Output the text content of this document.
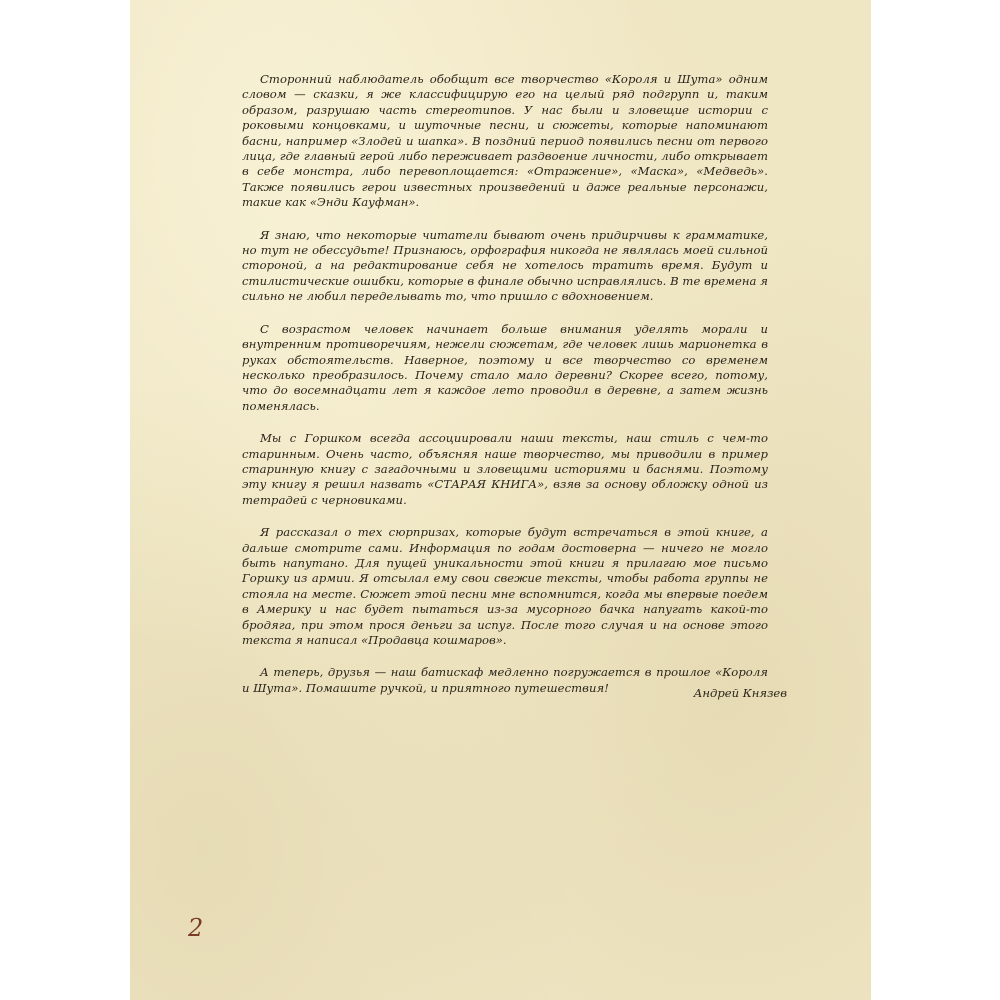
Сторонний наблюдатель обобщит все творчество «Короля и Шута» одним словом — сказки, я же классифицирую его на целый ряд подгрупп и, таким образом, разрушаю часть стереотипов. У нас были и зловещие истории с роковыми концовками, и шуточные песни, и сюжеты, которые напоминают басни, например «Злодей и шапка». В поздний период появились песни от первого лица, где главный герой либо переживает раздвоение личности, либо открывает в себе монстра, либо перевоплощается: «Отражение», «Маска», «Медведь». Также появились герои известных произведений и даже реальные персонажи, такие как «Энди Кауфман».

Я знаю, что некоторые читатели бывают очень придирчивы к грамматике, но тут не обессудьте! Признаюсь, орфография никогда не являлась моей сильной стороной, а на редактирование себя не хотелось тратить время. Будут и стилистические ошибки, которые в финале обычно исправлялись. В те времена я сильно не любил переделывать то, что пришло с вдохновением.

С возрастом человек начинает больше внимания уделять морали и внутренним противоречиям, нежели сюжетам, где человек лишь марионетка в руках обстоятельств. Наверное, поэтому и все творчество со временем несколько преобразилось. Почему стало мало деревни? Скорее всего, потому, что до восемнадцати лет я каждое лето проводил в деревне, а затем жизнь поменялась.

Мы с Горшком всегда ассоциировали наши тексты, наш стиль с чем-то старинным. Очень часто, объясняя наше творчество, мы приводили в пример старинную книгу с загадочными и зловещими историями и баснями. Поэтому эту книгу я решил назвать «СТАРАЯ КНИГА», взяв за основу обложку одной из тетрадей с черновиками.

Я рассказал о тех сюрпризах, которые будут встречаться в этой книге, а дальше смотрите сами. Информация по годам достоверна — ничего не могло быть напутано. Для пущей уникальности этой книги я прилагаю мое письмо Горшку из армии. Я отсылал ему свои свежие тексты, чтобы работа группы не стояла на месте. Сюжет этой песни мне вспомнится, когда мы впервые поедем в Америку и нас будет пытаться из-за мусорного бачка напугать какой-то бродяга, при этом прося деньги за испуг. После того случая и на основе этого текста я написал «Продавца кошмаров».

А теперь, друзья — наш батискаф медленно погружается в прошлое «Короля и Шута». Помашите ручкой, и приятного путешествия!	Андрей Князев
2
